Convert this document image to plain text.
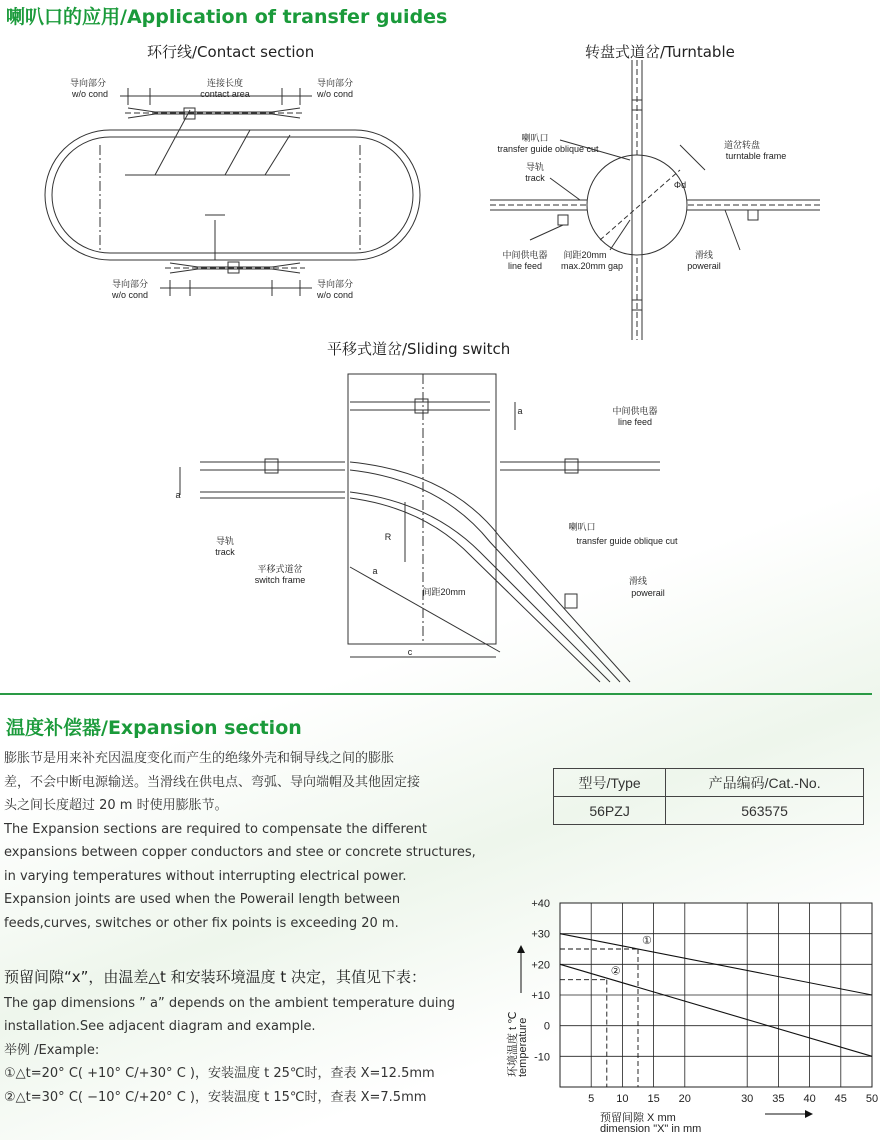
喇叭口的应用/Application of transfer guides
环行线/Contact section
导向部分
w/o cond
连接长度
contact area
导向部分
w/o cond
导向部分
w/o cond
导向部分
w/o cond
转盘式道岔/Turntable
喇叭口
transfer guide oblique cut
导轨
track
道岔转盘
turntable frame
Φd
中间供电器
line feed
间距20mm
max.20mm gap
滑线
powerail
平移式道岔/Sliding switch
中间供电器
line feed
导轨
track
平移式道岔
switch frame
喇叭口
transfer guide oblique cut
滑线
powerail
间距20mm
a
a
a
R
c
温度补偿器/Expansion section
膨胀节是用来补充因温度变化而产生的绝缘外壳和铜导线之间的膨胀
差，不会中断电源输送。当滑线在供电点、弯弧、导向端帽及其他固定接
头之间长度超过 20 m 时使用膨胀节。
The Expansion sections are required to compensate the different
expansions between copper conductors and stee or concrete structures,
in varying temperatures without interrupting electrical power.
Expansion joints are used when the Powerail length between
feeds,curves, switches or other fix points is exceeding 20 m.
预留间隙“x”，由温差△t 和安装环境温度 t 决定，其值见下表：
The gap dimensions ” a” depends on the ambient temperature duing
installation.See adjacent diagram and example.
举例 /Example:
①△t=20° C( +10° C/+30° C )，安装温度 t 25℃时，查表 X=12.5mm
②△t=30° C( −10° C/+20° C )，安装温度 t 15℃时，查表 X=7.5mm
型号/Type	产品编码/Cat.-No.
56PZJ	563575
+40
+30
+20
+10
0
-10
5 10 15 20	30 35 40 45 50
①
②
预留间隙 X mm
dimension "X" in mm
环境温度 t ℃
temperature
